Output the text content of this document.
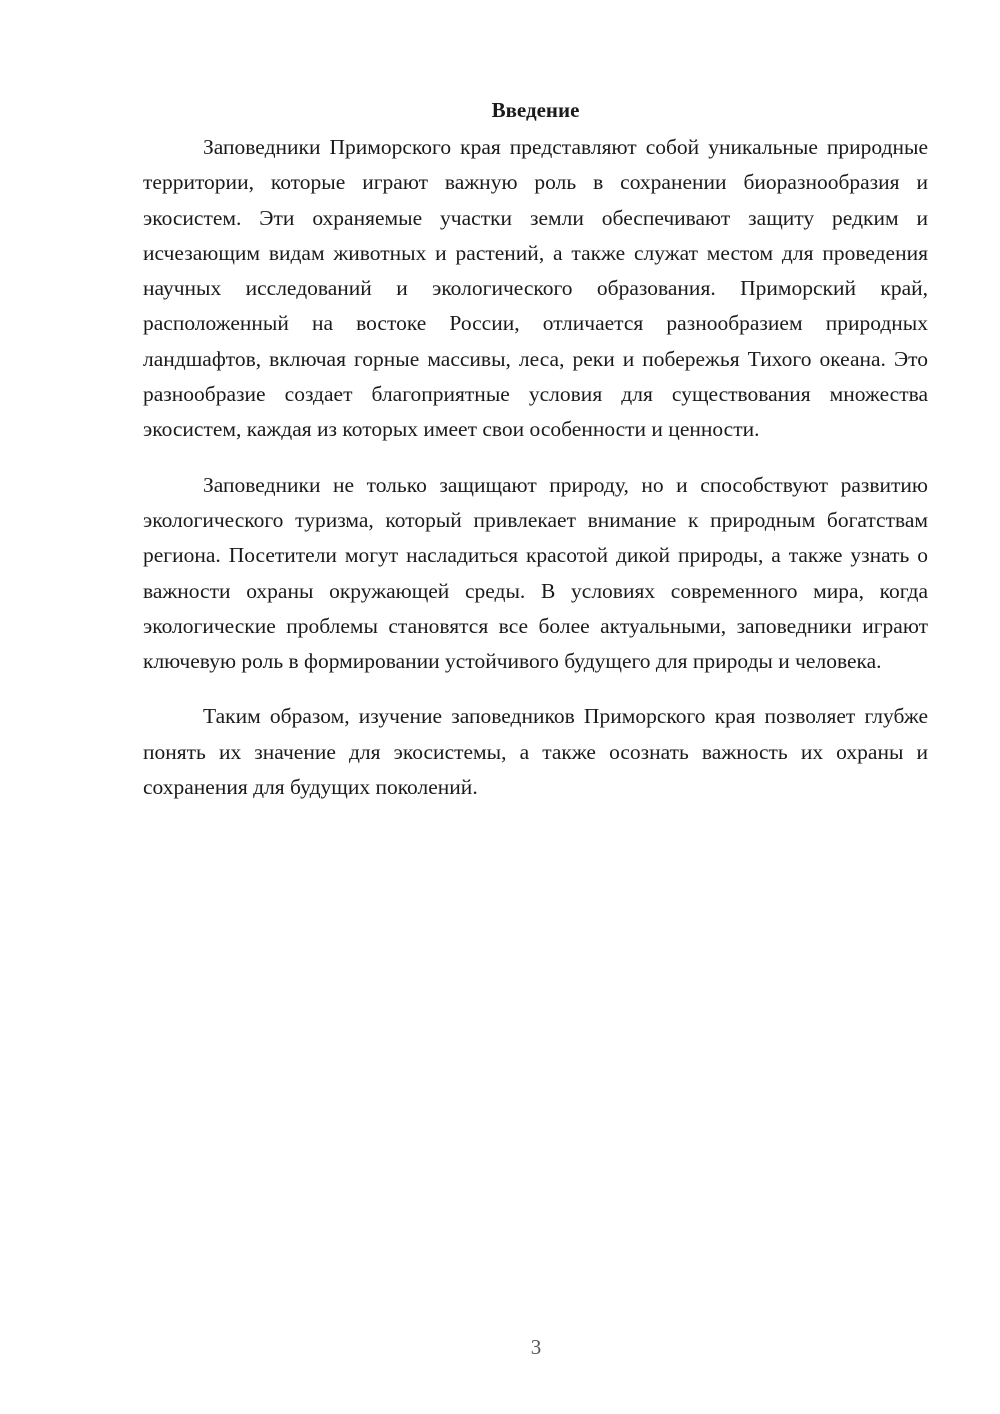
Введение

Заповедники Приморского края представляют собой уникальные природные территории, которые играют важную роль в сохранении биоразнообразия и экосистем. Эти охраняемые участки земли обеспечивают защиту редким и исчезающим видам животных и растений, а также служат местом для проведения научных исследований и экологического образования. Приморский край, расположенный на востоке России, отличается разнообразием природных ландшафтов, включая горные массивы, леса, реки и побережья Тихого океана. Это разнообразие создает благоприятные условия для существования множества экосистем, каждая из которых имеет свои особенности и ценности.

Заповедники не только защищают природу, но и способствуют развитию экологического туризма, который привлекает внимание к природным богатствам региона. Посетители могут насладиться красотой дикой природы, а также узнать о важности охраны окружающей среды. В условиях современного мира, когда экологические проблемы становятся все более актуальными, заповедники играют ключевую роль в формировании устойчивого будущего для природы и человека.

Таким образом, изучение заповедников Приморского края позволяет глубже понять их значение для экосистемы, а также осознать важность их охраны и сохранения для будущих поколений.

3
